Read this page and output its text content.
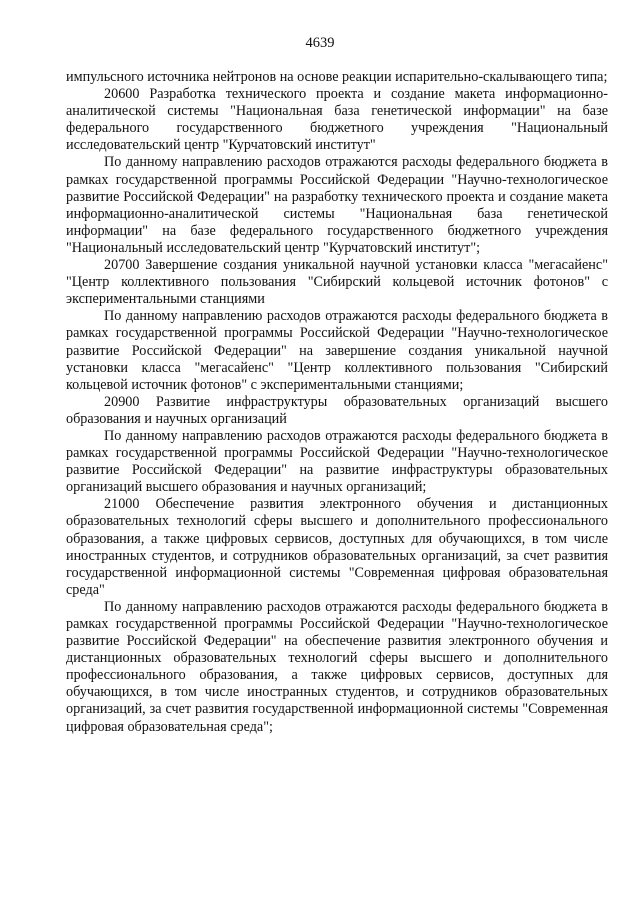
4639

импульсного источника нейтронов на основе реакции испарительно-скалывающего типа;

20600 Разработка технического проекта и создание макета информационно-аналитической системы "Национальная база генетической информации" на базе федерального государственного бюджетного учреждения "Национальный исследовательский центр "Курчатовский институт"

По данному направлению расходов отражаются расходы федерального бюджета в рамках государственной программы Российской Федерации "Научно-технологическое развитие Российской Федерации" на разработку технического проекта и создание макета информационно-аналитической системы "Национальная база генетической информации" на базе федерального государственного бюджетного учреждения "Национальный исследовательский центр "Курчатовский институт";

20700 Завершение создания уникальной научной установки класса "мегасайенс" "Центр коллективного пользования "Сибирский кольцевой источник фотонов" с экспериментальными станциями

По данному направлению расходов отражаются расходы федерального бюджета в рамках государственной программы Российской Федерации "Научно-технологическое развитие Российской Федерации" на завершение создания уникальной научной установки класса "мегасайенс" "Центр коллективного пользования "Сибирский кольцевой источник фотонов" с экспериментальными станциями;

20900 Развитие инфраструктуры образовательных организаций высшего образования и научных организаций

По данному направлению расходов отражаются расходы федерального бюджета в рамках государственной программы Российской Федерации "Научно-технологическое развитие Российской Федерации" на развитие инфраструктуры образовательных организаций высшего образования и научных организаций;

21000 Обеспечение развития электронного обучения и дистанционных образовательных технологий сферы высшего и дополнительного профессионального образования, а также цифровых сервисов, доступных для обучающихся, в том числе иностранных студентов, и сотрудников образовательных организаций, за счет развития государственной информационной системы "Современная цифровая образовательная среда"

По данному направлению расходов отражаются расходы федерального бюджета в рамках государственной программы Российской Федерации "Научно-технологическое развитие Российской Федерации" на обеспечение развития электронного обучения и дистанционных образовательных технологий сферы высшего и дополнительного профессионального образования, а также цифровых сервисов, доступных для обучающихся, в том числе иностранных студентов, и сотрудников образовательных организаций, за счет развития государственной информационной системы "Современная цифровая образовательная среда";
